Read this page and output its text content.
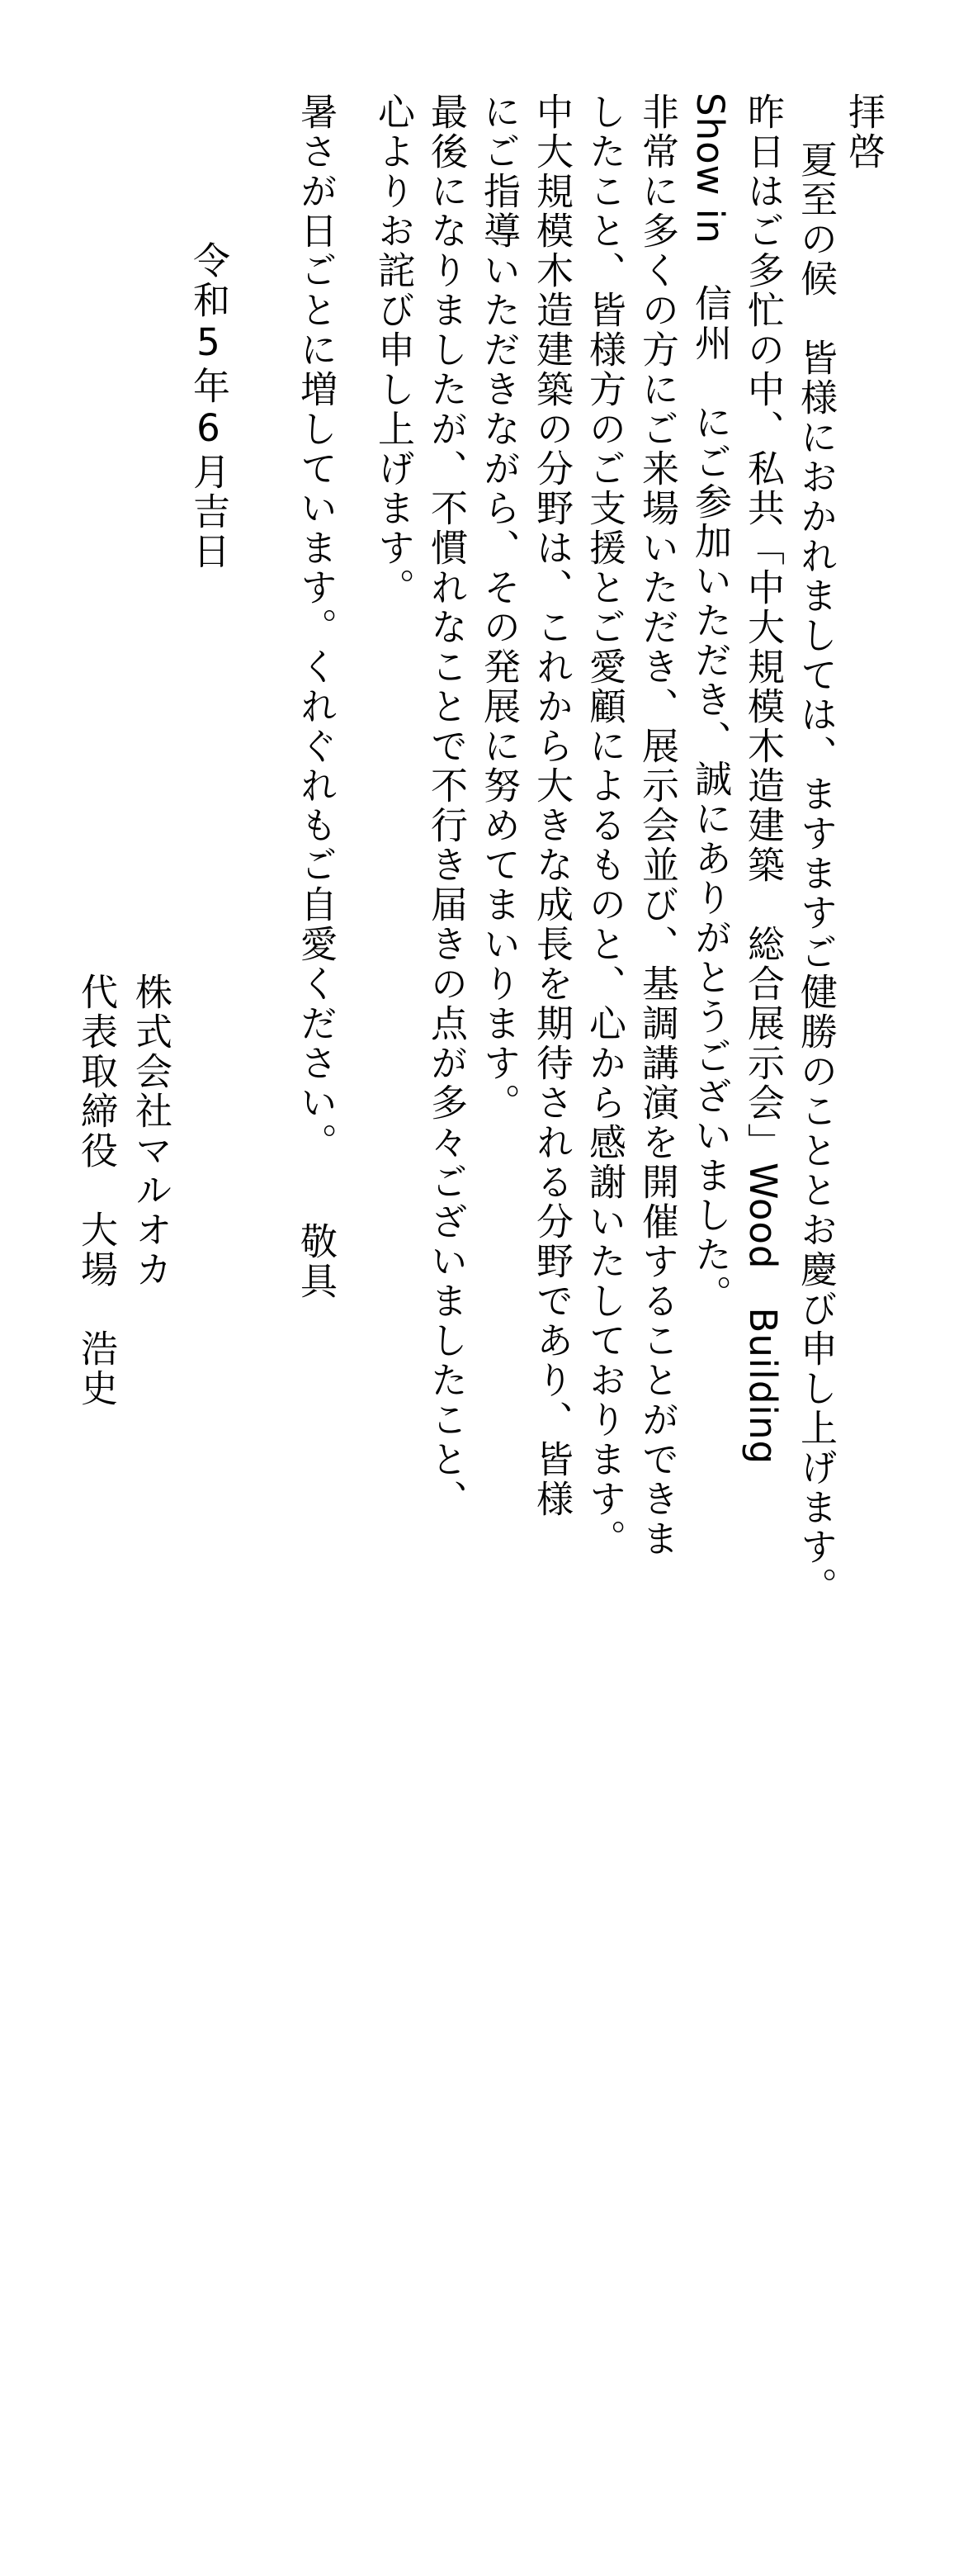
拝啓
夏至の候　皆様におかれましては、ますますご健勝のこととお慶び申し上げます。
昨日はご多忙の中、私共「中大規模木造建築　総合展示会」Wood　Building
Show in　信州　にご参加いただき、誠にありがとうございました。
非常に多くの方にご来場いただき、展示会並び、基調講演を開催することができま
したこと、皆様方のご支援とご愛顧によるものと、心から感謝いたしております。
中大規模木造建築の分野は、これから大きな成長を期待される分野であり、皆様
にご指導いただきながら、その発展に努めてまいります。
最後になりましたが、不慣れなことで不行き届きの点が多々ございましたこと、
心よりお詫び申し上げます。
暑さが日ごとに増しています。くれぐれもご自愛ください。
敬具
令和5年6月吉日
株式会社マルオカ
代表取締役　大場　浩史
